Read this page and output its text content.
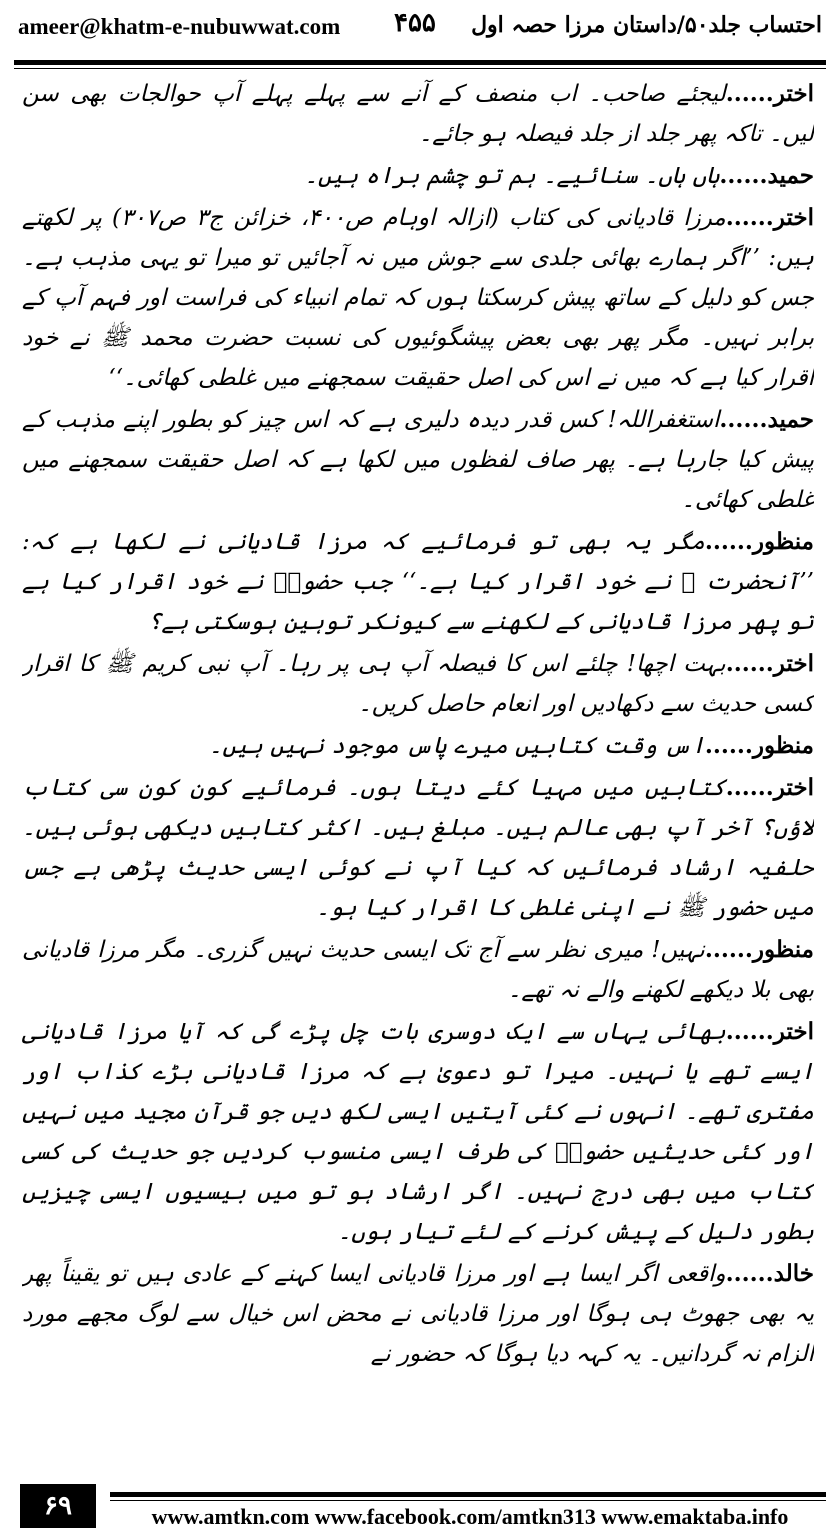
ameer@khatm-e-nubuwwat.com ۴۵۵ احتساب جلد۵۰/داستان مرزا حصہ اول

اختر......لیجئے صاحب۔ اب منصف کے آنے سے پہلے پہلے آپ حوالجات بھی سن لیں۔ تاکہ پھر جلد از جلد فیصلہ ہو جائے۔

حمید......ہاں ہاں۔ سنائیے۔ ہم تو چشم براہ ہیں۔

اختر......مرزا قادیانی کی کتاب (ازالہ اوہام ص۴۰۰، خزائن ج۳ ص۳۰۷) پر لکھتے ہیں: ’’اگر ہمارے بھائی جلدی سے جوش میں نہ آجائیں تو میرا تو یہی مذہب ہے۔ جس کو دلیل کے ساتھ پیش کرسکتا ہوں کہ تمام انبیاء کی فراست اور فہم آپ کے برابر نہیں۔ مگر پھر بھی بعض پیشگوئیوں کی نسبت حضرت محمد ﷺ نے خود اقرار کیا ہے کہ میں نے اس کی اصل حقیقت سمجھنے میں غلطی کھائی۔‘‘

حمید......استغفراللہ! کس قدر دیدہ دلیری ہے کہ اس چیز کو بطور اپنے مذہب کے پیش کیا جارہا ہے۔ پھر صاف لفظوں میں لکھا ہے کہ اصل حقیقت سمجھنے میں غلطی کھائی۔

منظور......مگر یہ بھی تو فرمائیے کہ مرزا قادیانی نے لکھا ہے کہ: ’’آنحضرت ﷺ نے خود اقرار کیا ہے۔‘‘ جب حضورؐ نے خود اقرار کیا ہے تو پھر مرزا قادیانی کے لکھنے سے کیونکر توہین ہوسکتی ہے؟

اختر......بہت اچھا! چلئے اس کا فیصلہ آپ ہی پر رہا۔ آپ نبی کریم ﷺ کا اقرار کسی حدیث سے دکھادیں اور انعام حاصل کریں۔

منظور......اس وقت کتابیں میرے پاس موجود نہیں ہیں۔

اختر......کتابیں میں مہیا کئے دیتا ہوں۔ فرمائیے کون کون سی کتاب لاؤں؟ آخر آپ بھی عالم ہیں۔ مبلغ ہیں۔ اکثر کتابیں دیکھی ہوئی ہیں۔ حلفیہ ارشاد فرمائیں کہ کیا آپ نے کوئی ایسی حدیث پڑھی ہے جس میں حضور ﷺ نے اپنی غلطی کا اقرار کیا ہو۔

منظور......نہیں! میری نظر سے آج تک ایسی حدیث نہیں گزری۔ مگر مرزا قادیانی بھی بلا دیکھے لکھنے والے نہ تھے۔

اختر......بھائی یہاں سے ایک دوسری بات چل پڑے گی کہ آیا مرزا قادیانی ایسے تھے یا نہیں۔ میرا تو دعویٰ ہے کہ مرزا قادیانی بڑے کذاب اور مفتری تھے۔ انہوں نے کئی آیتیں ایسی لکھ دیں جو قرآن مجید میں نہیں اور کئی حدیثیں حضورؐ کی طرف ایسی منسوب کردیں جو حدیث کی کسی کتاب میں بھی درج نہیں۔ اگر ارشاد ہو تو میں بیسیوں ایسی چیزیں بطور دلیل کے پیش کرنے کے لئے تیار ہوں۔

خالد......واقعی اگر ایسا ہے اور مرزا قادیانی ایسا کہنے کے عادی ہیں تو یقیناً پھر یہ بھی جھوٹ ہی ہوگا اور مرزا قادیانی نے محض اس خیال سے لوگ مجھے مورد الزام نہ گردانیں۔ یہ کہہ دیا ہوگا کہ حضور نے

۶۹	www.amtkn.com www.facebook.com/amtkn313 www.emaktaba.info
